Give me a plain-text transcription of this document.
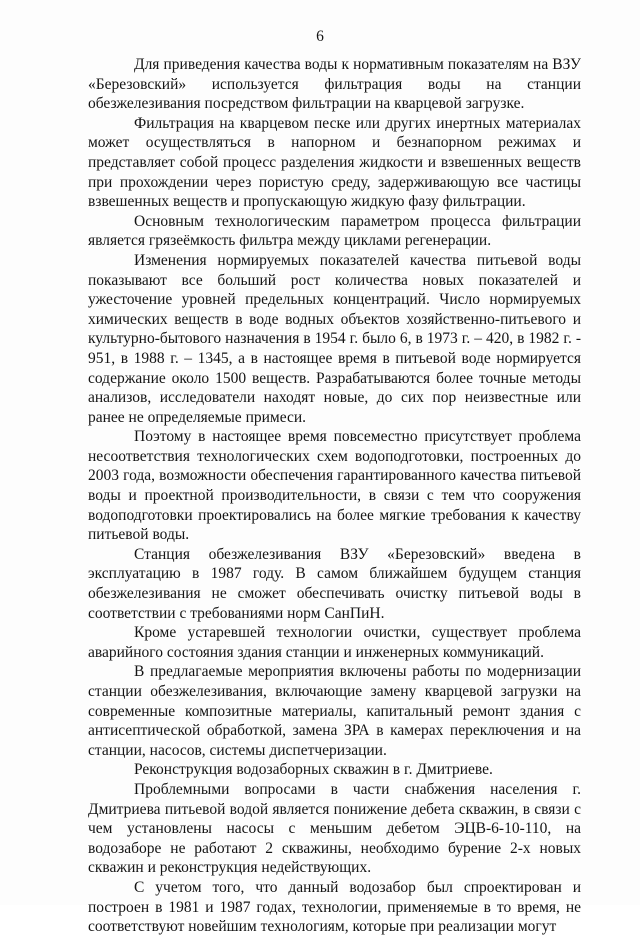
6

Для приведения качества воды к нормативным показателям на ВЗУ «Березовский» используется фильтрация воды на станции обезжелезивания посредством фильтрации на кварцевой загрузке.

Фильтрация на кварцевом песке или других инертных материалах может осуществляться в напорном и безнапорном режимах и представляет собой процесс разделения жидкости и взвешенных веществ при прохождении через пористую среду, задерживающую все частицы взвешенных веществ и пропускающую жидкую фазу фильтрации.

Основным технологическим параметром процесса фильтрации является грязеёмкость фильтра между циклами регенерации.

Изменения нормируемых показателей качества питьевой воды показывают все больший рост количества новых показателей и ужесточение уровней предельных концентраций. Число нормируемых химических веществ в воде водных объектов хозяйственно-питьевого и культурно-бытового назначения в 1954 г. было 6, в 1973 г. – 420, в 1982 г. - 951, в 1988 г. – 1345, а в настоящее время в питьевой воде нормируется содержание около 1500 веществ. Разрабатываются более точные методы анализов, исследователи находят новые, до сих пор неизвестные или ранее не определяемые примеси.

Поэтому в настоящее время повсеместно присутствует проблема несоответствия технологических схем водоподготовки, построенных до 2003 года, возможности обеспечения гарантированного качества питьевой воды и проектной производительности, в связи с тем что сооружения водоподготовки проектировались на более мягкие требования к качеству питьевой воды.

Станция обезжелезивания ВЗУ «Березовский» введена в эксплуатацию в 1987 году. В самом ближайшем будущем станция обезжелезивания не сможет обеспечивать очистку питьевой воды в соответствии с требованиями норм СанПиН.

Кроме устаревшей технологии очистки, существует проблема аварийного состояния здания станции и инженерных коммуникаций.

В предлагаемые мероприятия включены работы по модернизации станции обезжелезивания, включающие замену кварцевой загрузки на современные композитные материалы, капитальный ремонт здания с антисептической обработкой, замена ЗРА в камерах переключения и на станции, насосов, системы диспетчеризации.

Реконструкция водозаборных скважин в г. Дмитриеве.

Проблемными вопросами в части снабжения населения г. Дмитриева питьевой водой является понижение дебета скважин, в связи с чем установлены насосы с меньшим дебетом ЭЦВ-6-10-110, на водозаборе не работают 2 скважины, необходимо бурение 2-х новых скважин и реконструкция недействующих.

С учетом того, что данный водозабор был спроектирован и построен в 1981 и 1987 годах, технологии, применяемые в то время, не соответствуют новейшим технологиям, которые при реализации могут
